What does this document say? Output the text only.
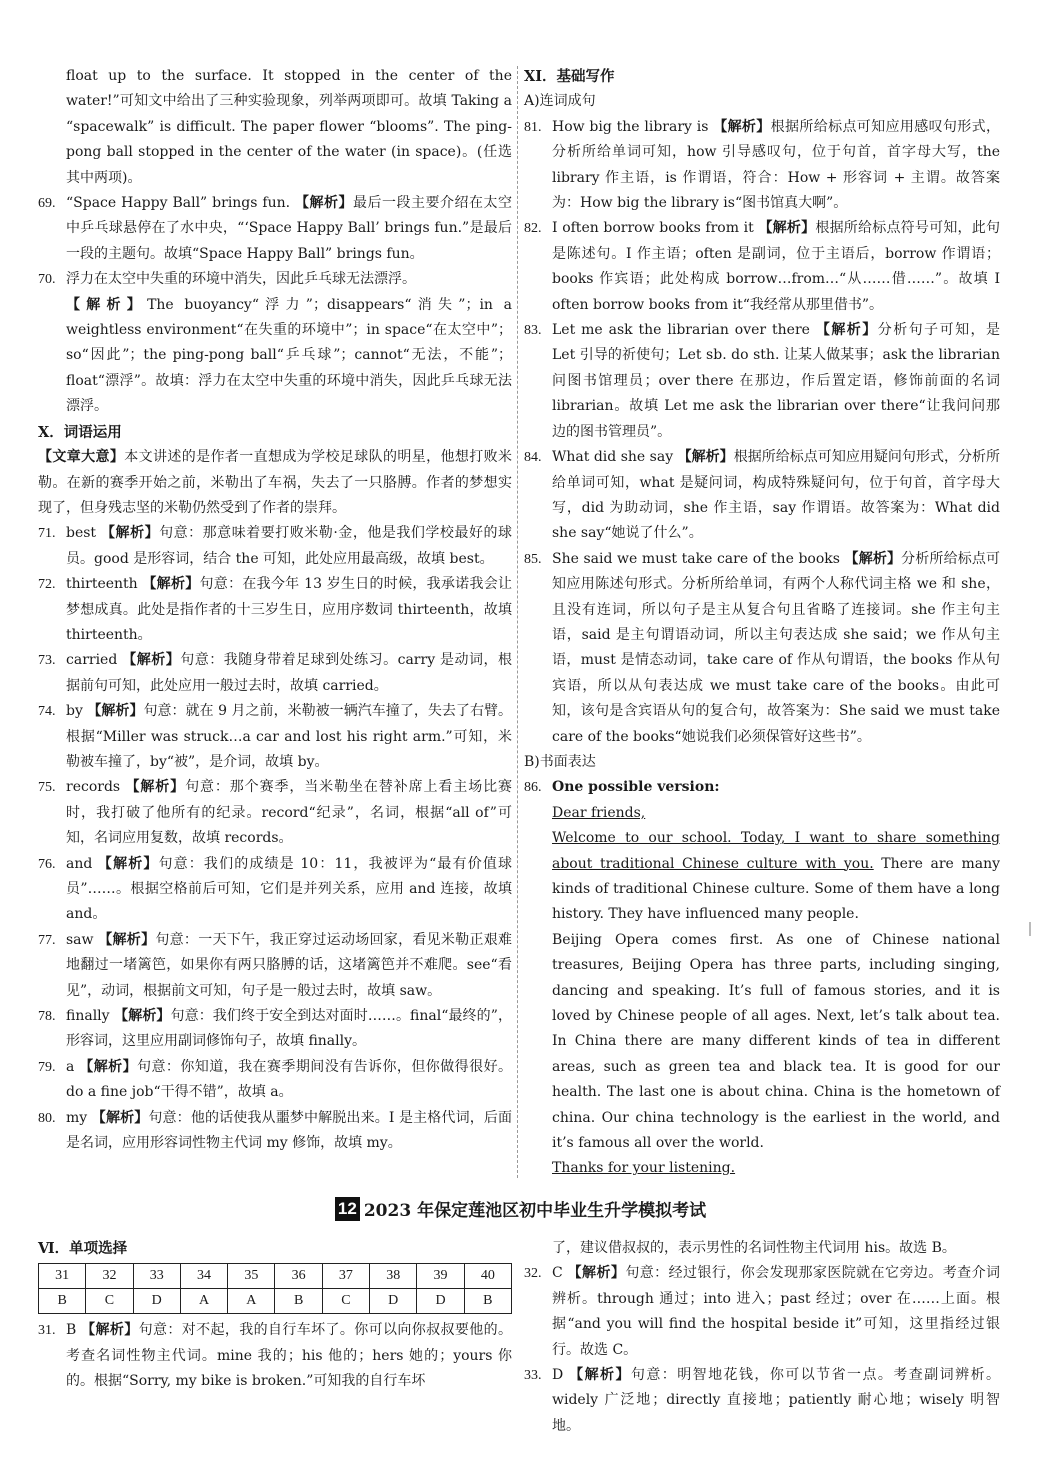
float up to the surface. It stopped in the center of the water!”可知文中给出了三种实验现象，列举两项即可。故填 Taking a “spacewalk” is difficult. The paper flower “blooms”. The ping-pong ball stopped in the center of the water (in space)。(任选其中两项)。
69. “Space Happy Ball” brings fun. 【解析】最后一段主要介绍在太空中乒乓球悬停在了水中央，“‘Space Happy Ball’ brings fun.”是最后一段的主题句。故填“Space Happy Ball” brings fun。
70. 浮力在太空中失重的环境中消失，因此乒乓球无法漂浮。
【解析】The buoyancy“浮力”；disappears“消失”；in a weightless environment“在失重的环境中”；in space“在太空中”；so“因此”；the ping-pong ball“乒乓球”；cannot“无法，不能”；float“漂浮”。故填：浮力在太空中失重的环境中消失，因此乒乓球无法漂浮。
X．词语运用
【文章大意】本文讲述的是作者一直想成为学校足球队的明星，他想打败米勒。在新的赛季开始之前，米勒出了车祸，失去了一只胳膊。作者的梦想实现了，但身残志坚的米勒仍然受到了作者的崇拜。
71. best 【解析】句意：那意味着要打败米勒·金，他是我们学校最好的球员。good 是形容词，结合 the 可知，此处应用最高级，故填 best。
72. thirteenth 【解析】句意：在我今年 13 岁生日的时候，我承诺我会让梦想成真。此处是指作者的十三岁生日，应用序数词 thirteenth，故填 thirteenth。
73. carried 【解析】句意：我随身带着足球到处练习。carry 是动词，根据前句可知，此处应用一般过去时，故填 carried。
74. by 【解析】句意：就在 9 月之前，米勒被一辆汽车撞了，失去了右臂。根据“Miller was struck…a car and lost his right arm.”可知，米勒被车撞了，by“被”，是介词，故填 by。
75. records 【解析】句意：那个赛季，当米勒坐在替补席上看主场比赛时，我打破了他所有的纪录。record“纪录”，名词，根据“all of”可知，名词应用复数，故填 records。
76. and 【解析】句意：我们的成绩是 10：11，我被评为“最有价值球员”……。根据空格前后可知，它们是并列关系，应用 and 连接，故填 and。
77. saw 【解析】句意：一天下午，我正穿过运动场回家，看见米勒正艰难地翻过一堵篱笆，如果你有两只胳膊的话，这堵篱笆并不难爬。see“看见”，动词，根据前文可知，句子是一般过去时，故填 saw。
78. finally 【解析】句意：我们终于安全到达对面时……。final“最终的”，形容词，这里应用副词修饰句子，故填 finally。
79. a 【解析】句意：你知道，我在赛季期间没有告诉你，但你做得很好。do a fine job“干得不错”，故填 a。
80. my 【解析】句意：他的话使我从噩梦中解脱出来。I 是主格代词，后面是名词，应用形容词性物主代词 my 修饰，故填 my。
XI．基础写作
A)连词成句
81. How big the library is 【解析】根据所给标点可知应用感叹句形式，分析所给单词可知，how 引导感叹句，位于句首，首字母大写，the library 作主语，is 作谓语，符合：How + 形容词 + 主谓。故答案为：How big the library is“图书馆真大啊”。
82. I often borrow books from it 【解析】根据所给标点符号可知，此句是陈述句。I 作主语；often 是副词，位于主语后，borrow 作谓语；books 作宾语；此处构成 borrow…from…“从……借……”。故填 I often borrow books from it“我经常从那里借书”。
83. Let me ask the librarian over there 【解析】分析句子可知，是 Let 引导的祈使句；Let sb. do sth. 让某人做某事；ask the librarian问图书馆理员；over there 在那边，作后置定语，修饰前面的名词 librarian。故填 Let me ask the librarian over there“让我问问那边的图书管理员”。
84. What did she say 【解析】根据所给标点可知应用疑问句形式，分析所给单词可知，what 是疑问词，构成特殊疑问句，位于句首，首字母大写，did 为助动词，she 作主语，say 作谓语。故答案为：What did she say“她说了什么”。
85. She said we must take care of the books 【解析】分析所给标点可知应用陈述句形式。分析所给单词，有两个人称代词主格 we 和 she，且没有连词，所以句子是主从复合句且省略了连接词。she 作主句主语，said 是主句谓语动词，所以主句表达成 she said；we 作从句主语，must 是情态动词，take care of 作从句谓语，the books 作从句宾语，所以从句表达成 we must take care of the books。由此可知，该句是含宾语从句的复合句，故答案为：She said we must take care of the books“她说我们必须保管好这些书”。
B)书面表达
86. One possible version:
Dear friends,
Welcome to our school. Today, I want to share something about traditional Chinese culture with you. There are many kinds of traditional Chinese culture. Some of them have a long history. They have influenced many people.
Beijing Opera comes first. As one of Chinese national treasures, Beijing Opera has three parts, including singing, dancing and speaking. It’s full of famous stories, and it is loved by Chinese people of all ages. Next, let’s talk about tea. In China there are many different kinds of tea in different areas, such as green tea and black tea. It is good for our health. The last one is about china. China is the hometown of china. Our china technology is the earliest in the world, and it’s famous all over the world.
Thanks for your listening.
12 2023 年保定莲池区初中毕业生升学模拟考试
Ⅵ．单项选择
31	32	33	34	35	36	37	38	39	40
B	C	D	A	A	B	C	D	D	B
31. B 【解析】句意：对不起，我的自行车坏了。你可以向你叔叔要他的。考查名词性物主代词。mine 我的；his 他的；hers 她的；yours 你的。根据“Sorry, my bike is broken.”可知我的自行车坏
了，建议借叔叔的，表示男性的名词性物主代词用 his。故选 B。
32. C 【解析】句意：经过银行，你会发现那家医院就在它旁边。考查介词辨析。through 通过；into 进入；past 经过；over 在……上面。根据“and you will find the hospital beside it”可知，这里指经过银行。故选 C。
33. D 【解析】句意：明智地花钱，你可以节省一点。考查副词辨析。widely 广泛地；directly 直接地；patiently 耐心地；wisely 明智地。
